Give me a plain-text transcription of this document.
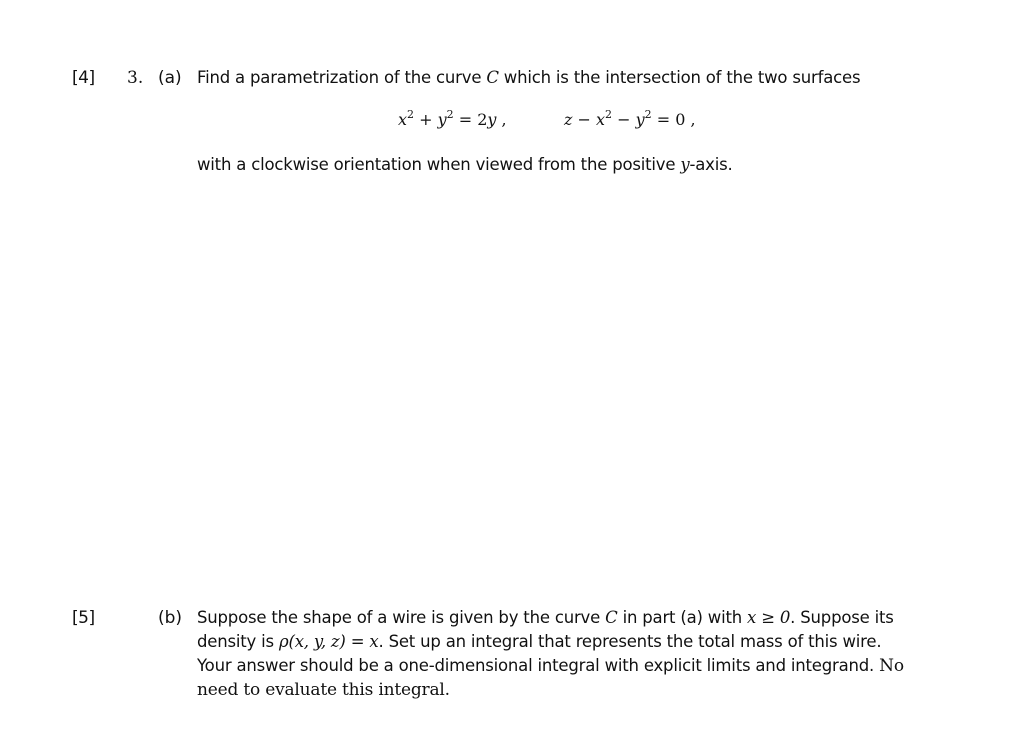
[4] 3. (a) Find a parametrization of the curve C which is the intersection of the two surfaces
$x^2 + y^2 = 2y$ ,	$z - x^2 - y^2 = 0$ ,
with a clockwise orientation when viewed from the positive y-axis.
[5]	(b) Suppose the shape of a wire is given by the curve C in part (a) with x ≥ 0. Suppose its
density is ρ(x, y, z) = x. Set up an integral that represents the total mass of this wire.
Your answer should be a one-dimensional integral with explicit limits and integrand. No
need to evaluate this integral.
